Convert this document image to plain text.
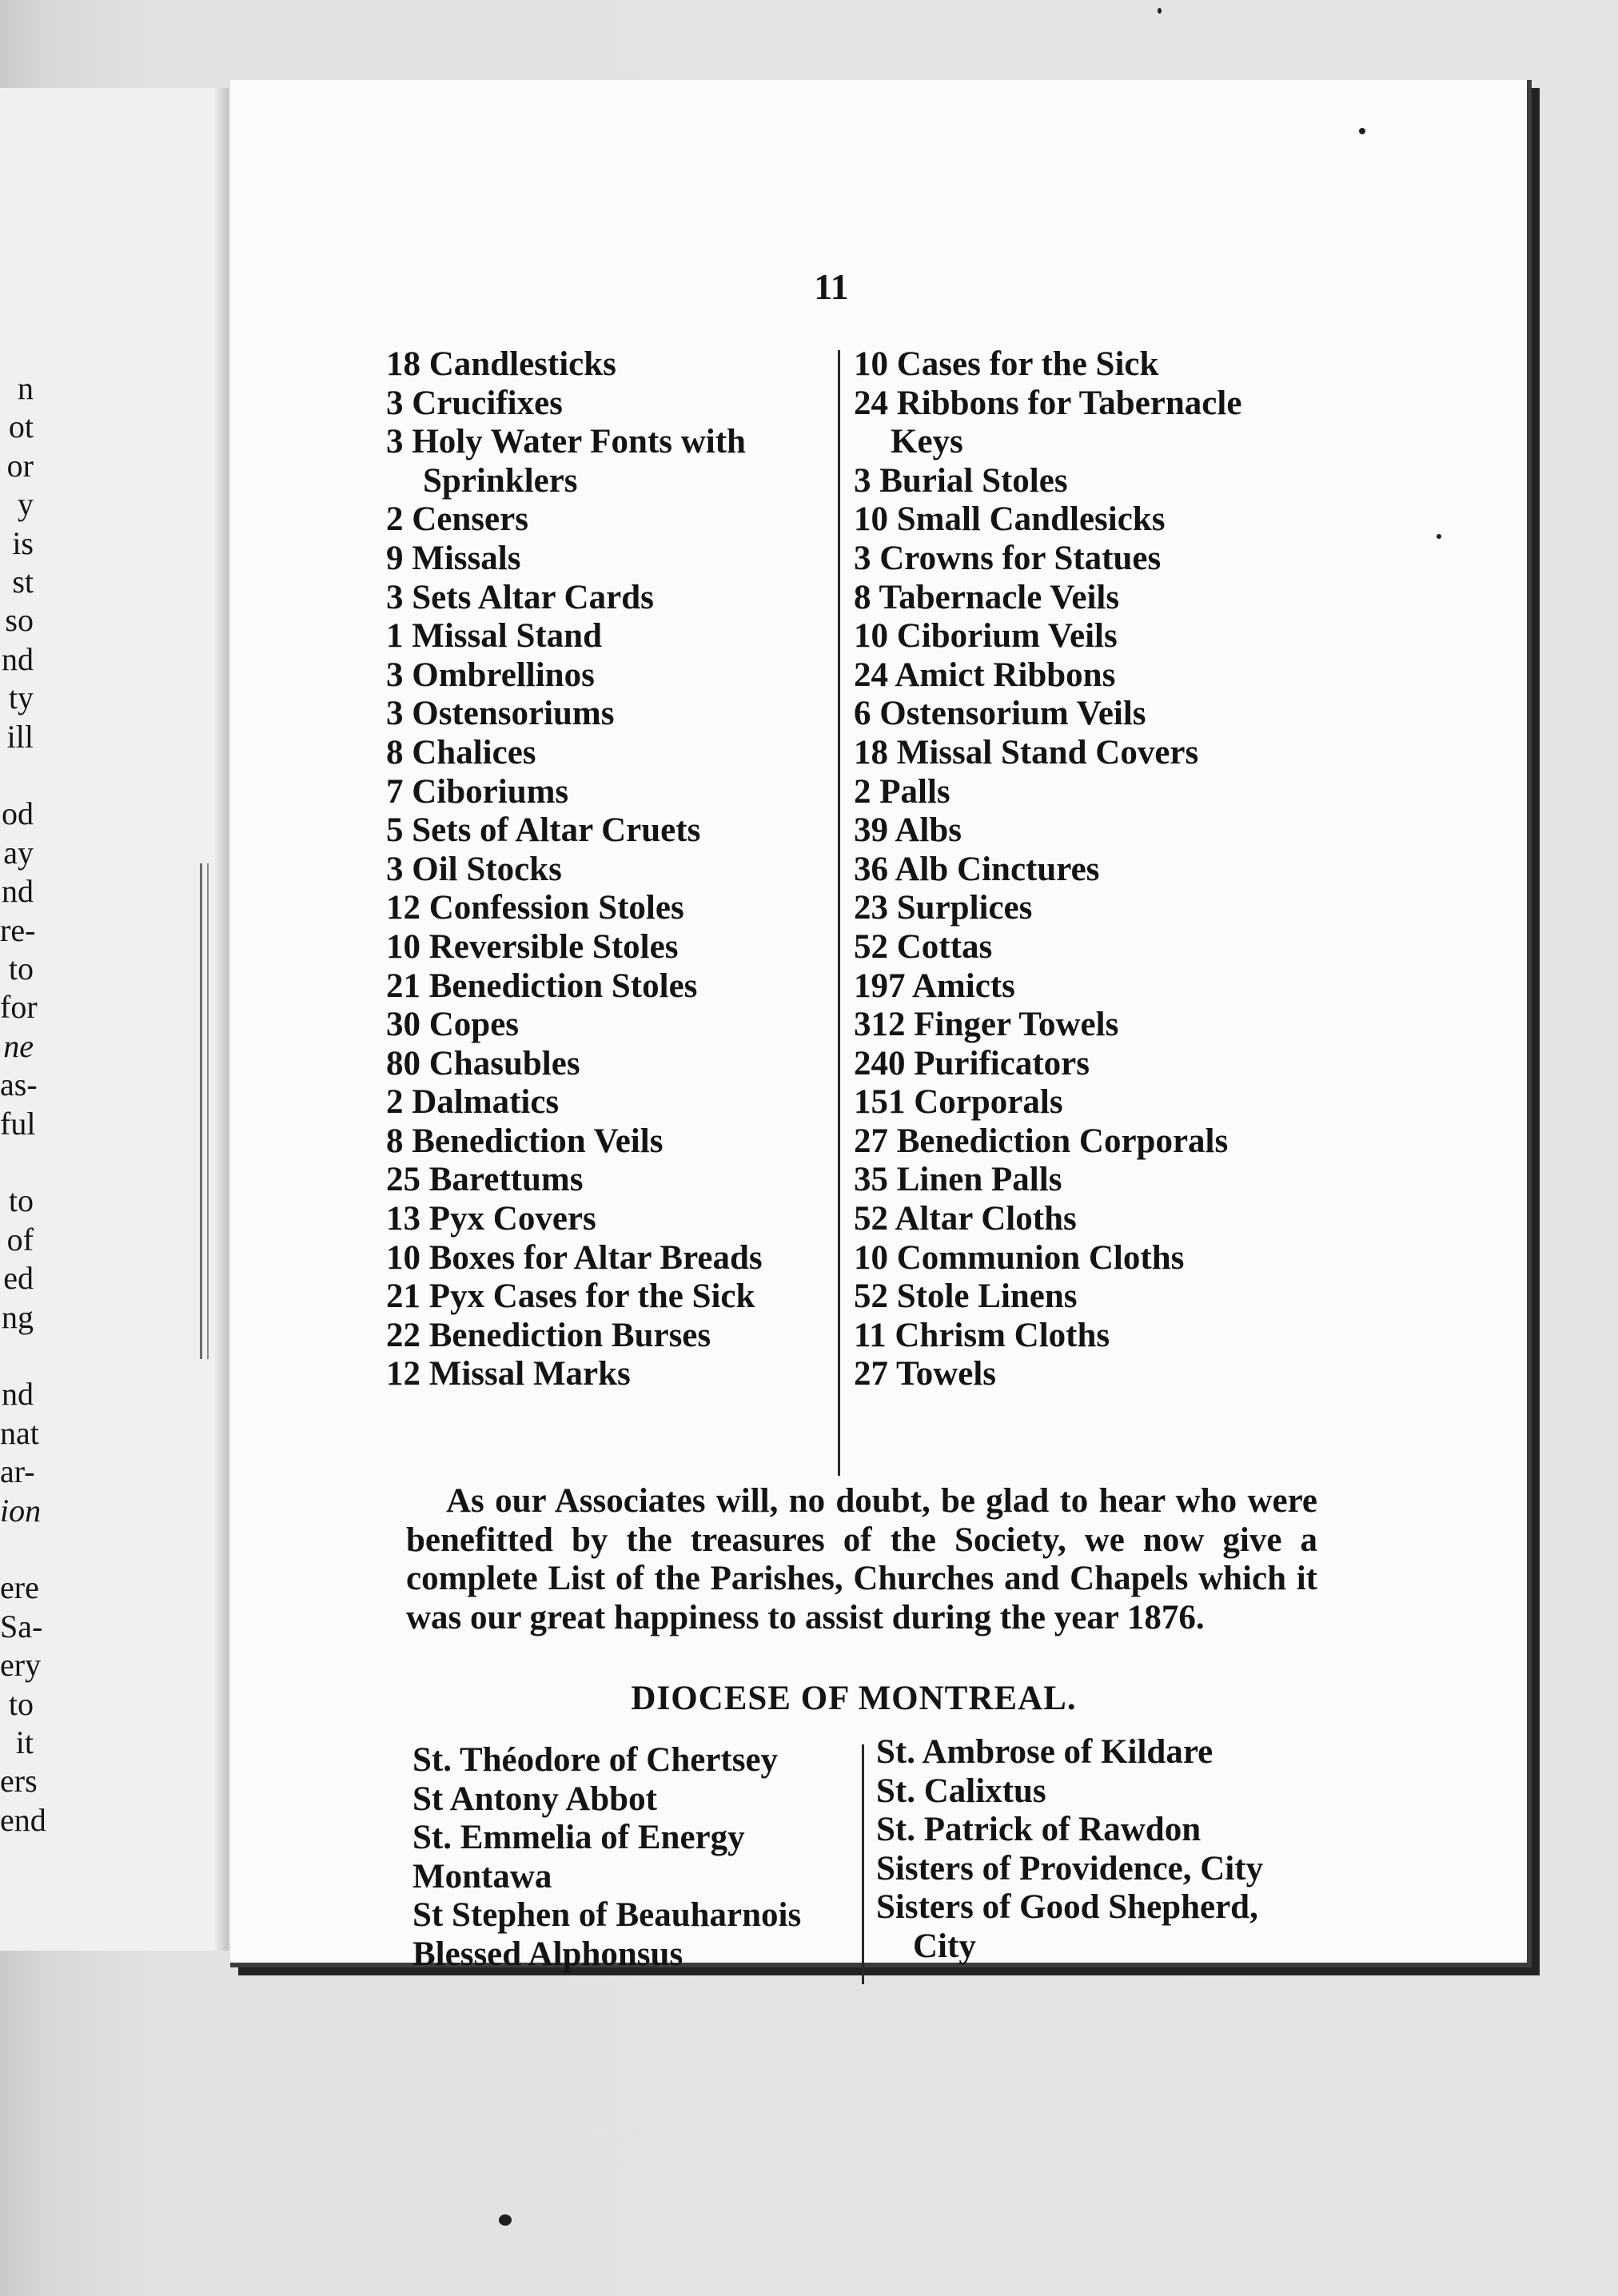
n
ot
or
y
is
st
so
nd
ty
ill
od
ay
nd
re-
to
for
ne
as-
ful
to
of
ed
ng
nd
nat
ar-
ion
ere
Sa-
ery
to
it
ers
end
11
18 Candlesticks
3 Crucifixes
3 Holy Water Fonts with
Sprinklers
2 Censers
9 Missals
3 Sets Altar Cards
1 Missal Stand
3 Ombrellinos
3 Ostensoriums
8 Chalices
7 Ciboriums
5 Sets of Altar Cruets
3 Oil Stocks
12 Confession Stoles
10 Reversible Stoles
21 Benediction Stoles
30 Copes
80 Chasubles
2 Dalmatics
8 Benediction Veils
25 Barettums
13 Pyx Covers
10 Boxes for Altar Breads
21 Pyx Cases for the Sick
22 Benediction Burses
12 Missal Marks
10 Cases for the Sick
24 Ribbons for Tabernacle
Keys
3 Burial Stoles
10 Small Candlesicks
3 Crowns for Statues
8 Tabernacle Veils
10 Ciborium Veils
24 Amict Ribbons
6 Ostensorium Veils
18 Missal Stand Covers
2 Palls
39 Albs
36 Alb Cinctures
23 Surplices
52 Cottas
197 Amicts
312 Finger Towels
240 Purificators
151 Corporals
27 Benediction Corporals
35 Linen Palls
52 Altar Cloths
10 Communion Cloths
52 Stole Linens
11 Chrism Cloths
27 Towels
As our Associates will, no doubt, be glad to hear who were benefitted by the treasures of the Society, we now give a complete List of the Parishes, Churches and Chapels which it was our great happiness to assist during the year 1876.
DIOCESE OF MONTREAL.
St. Théodore of Chertsey
St Antony Abbot
St. Emmelia of Energy
Montawa
St Stephen of Beauharnois
Blessed Alphonsus
St. Ambrose of Kildare
St. Calixtus
St. Patrick of Rawdon
Sisters of Providence, City
Sisters of Good Shepherd,
City
